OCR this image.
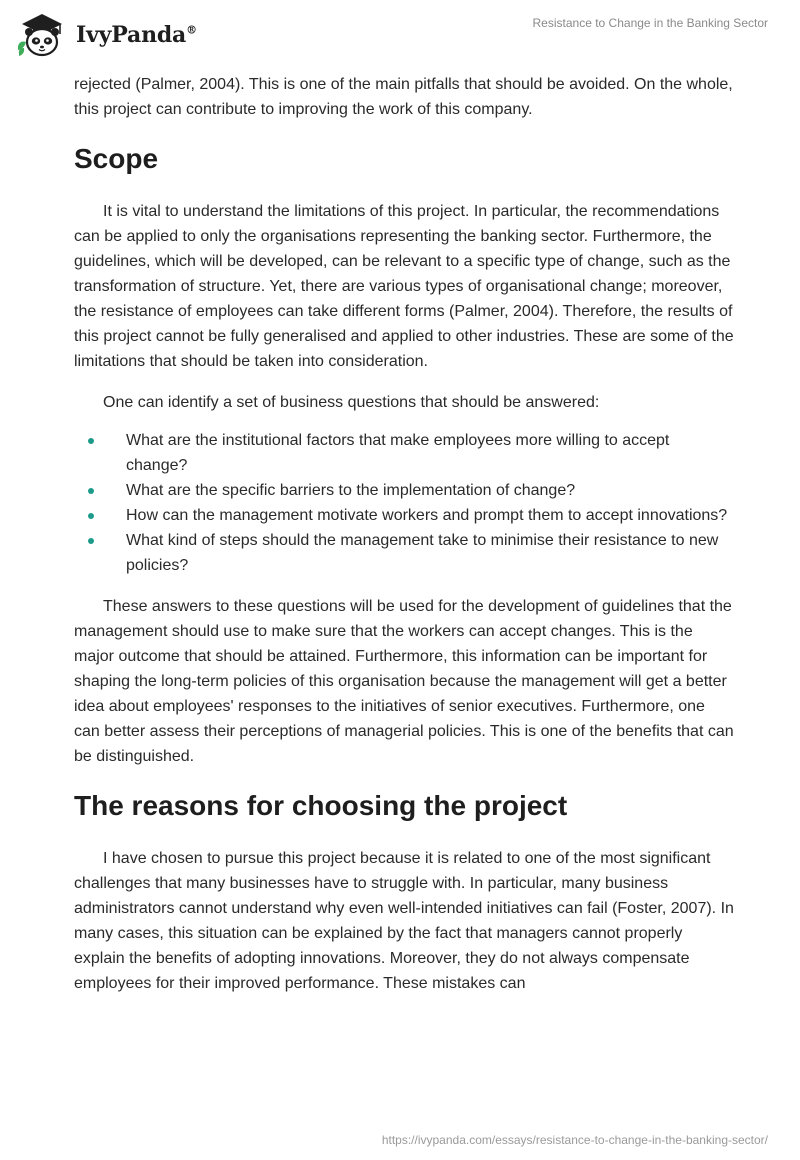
IvyPanda®
Resistance to Change in the Banking Sector

rejected (Palmer, 2004). This is one of the main pitfalls that should be avoided. On the whole, this project can contribute to improving the work of this company.

Scope

It is vital to understand the limitations of this project. In particular, the recommendations can be applied to only the organisations representing the banking sector. Furthermore, the guidelines, which will be developed, can be relevant to a specific type of change, such as the transformation of structure. Yet, there are various types of organisational change; moreover, the resistance of employees can take different forms (Palmer, 2004). Therefore, the results of this project cannot be fully generalised and applied to other industries. These are some of the limitations that should be taken into consideration.

One can identify a set of business questions that should be answered:

What are the institutional factors that make employees more willing to accept change?
What are the specific barriers to the implementation of change?
How can the management motivate workers and prompt them to accept innovations?
What kind of steps should the management take to minimise their resistance to new policies?

These answers to these questions will be used for the development of guidelines that the management should use to make sure that the workers can accept changes. This is the major outcome that should be attained. Furthermore, this information can be important for shaping the long-term policies of this organisation because the management will get a better idea about employees' responses to the initiatives of senior executives. Furthermore, one can better assess their perceptions of managerial policies. This is one of the benefits that can be distinguished.

The reasons for choosing the project

I have chosen to pursue this project because it is related to one of the most significant challenges that many businesses have to struggle with. In particular, many business administrators cannot understand why even well-intended initiatives can fail (Foster, 2007). In many cases, this situation can be explained by the fact that managers cannot properly explain the benefits of adopting innovations. Moreover, they do not always compensate employees for their improved performance. These mistakes can

https://ivypanda.com/essays/resistance-to-change-in-the-banking-sector/
